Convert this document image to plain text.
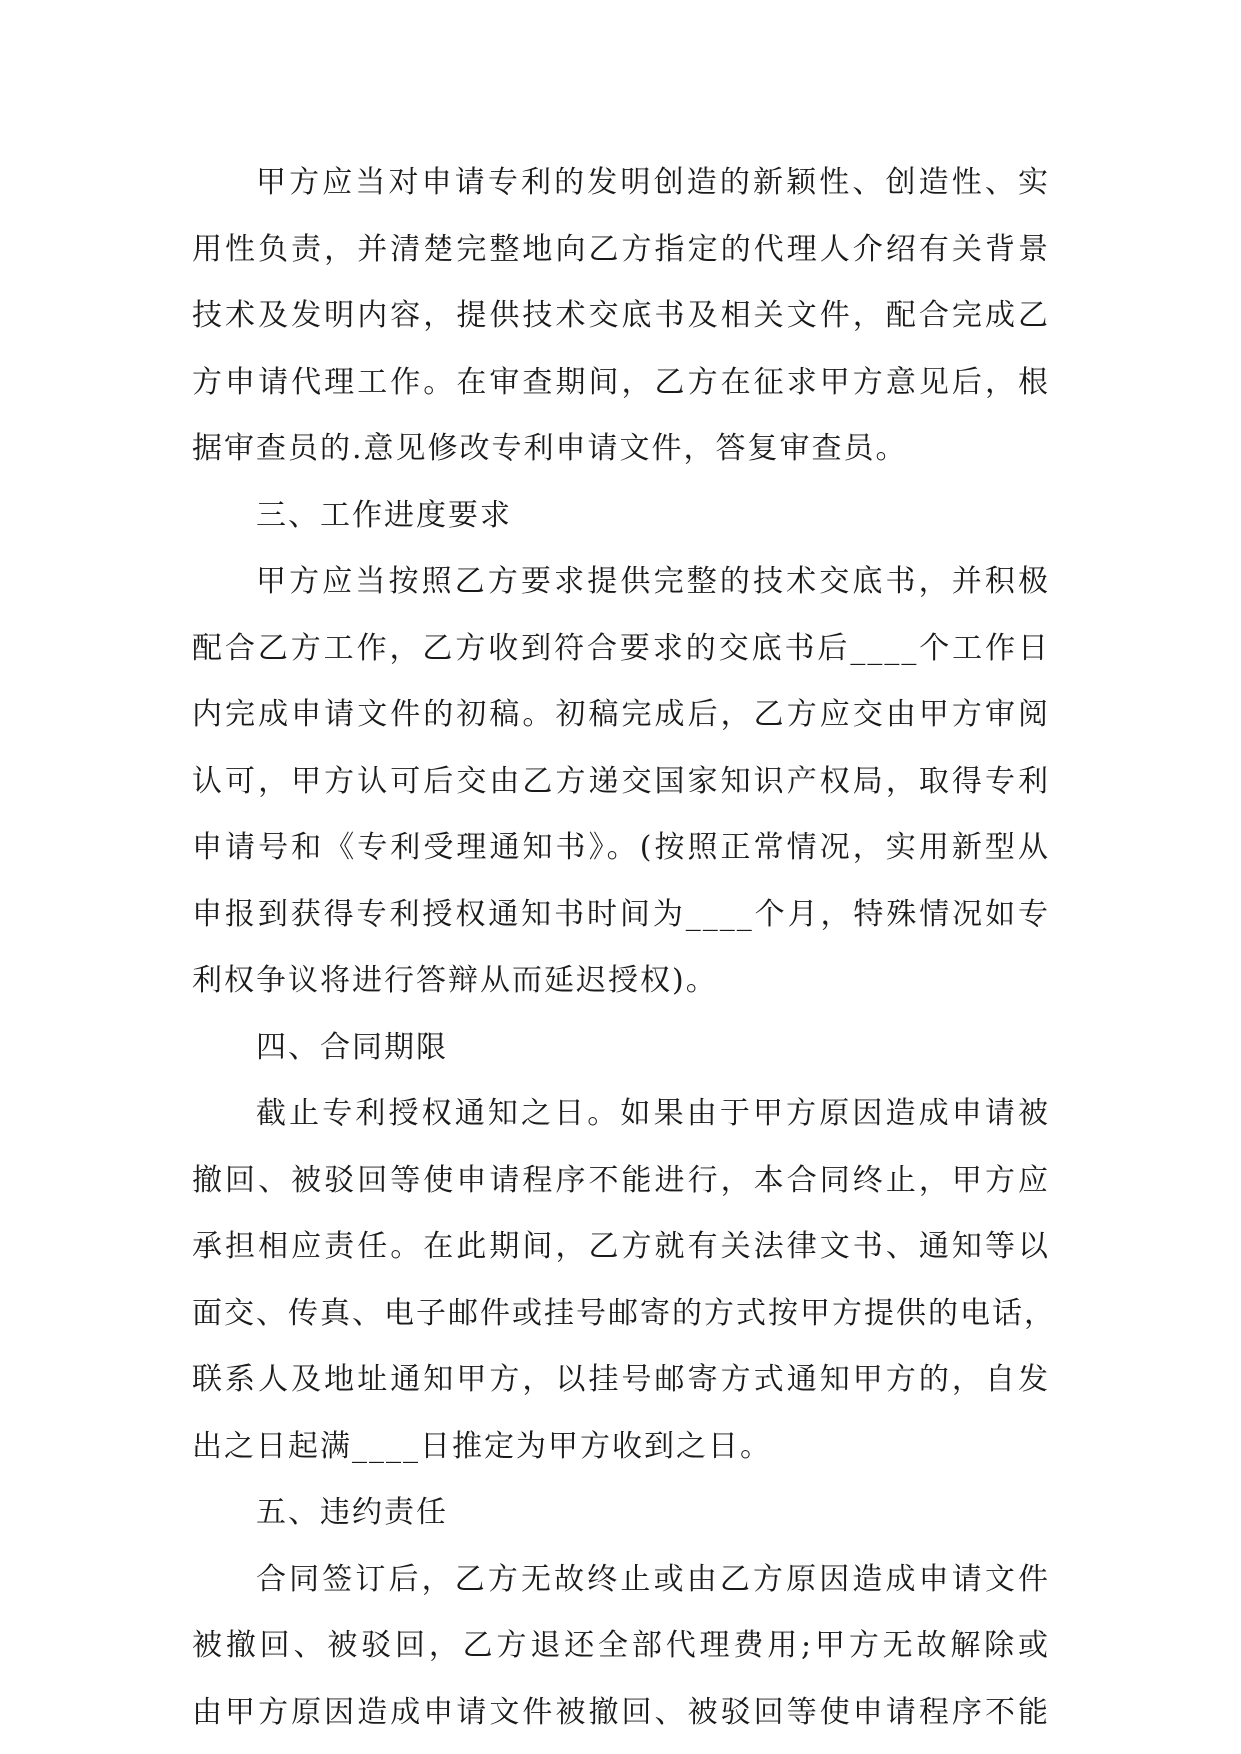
甲方应当对申请专利的发明创造的新颖性、创造性、实
用性负责，并清楚完整地向乙方指定的代理人介绍有关背景
技术及发明内容，提供技术交底书及相关文件，配合完成乙
方申请代理工作。在审查期间，乙方在征求甲方意见后，根
据审查员的.意见修改专利申请文件，答复审查员。
三、工作进度要求
甲方应当按照乙方要求提供完整的技术交底书，并积极
配合乙方工作，乙方收到符合要求的交底书后____个工作日
内完成申请文件的初稿。初稿完成后，乙方应交由甲方审阅
认可，甲方认可后交由乙方递交国家知识产权局，取得专利
申请号和《专利受理通知书》。(按照正常情况，实用新型从
申报到获得专利授权通知书时间为____个月，特殊情况如专
利权争议将进行答辩从而延迟授权)。
四、合同期限
截止专利授权通知之日。如果由于甲方原因造成申请被
撤回、被驳回等使申请程序不能进行，本合同终止，甲方应
承担相应责任。在此期间，乙方就有关法律文书、通知等以
面交、传真、电子邮件或挂号邮寄的方式按甲方提供的电话，
联系人及地址通知甲方，以挂号邮寄方式通知甲方的，自发
出之日起满____日推定为甲方收到之日。
五、违约责任
合同签订后，乙方无故终止或由乙方原因造成申请文件
被撤回、被驳回，乙方退还全部代理费用;甲方无故解除或
由甲方原因造成申请文件被撤回、被驳回等使申请程序不能
